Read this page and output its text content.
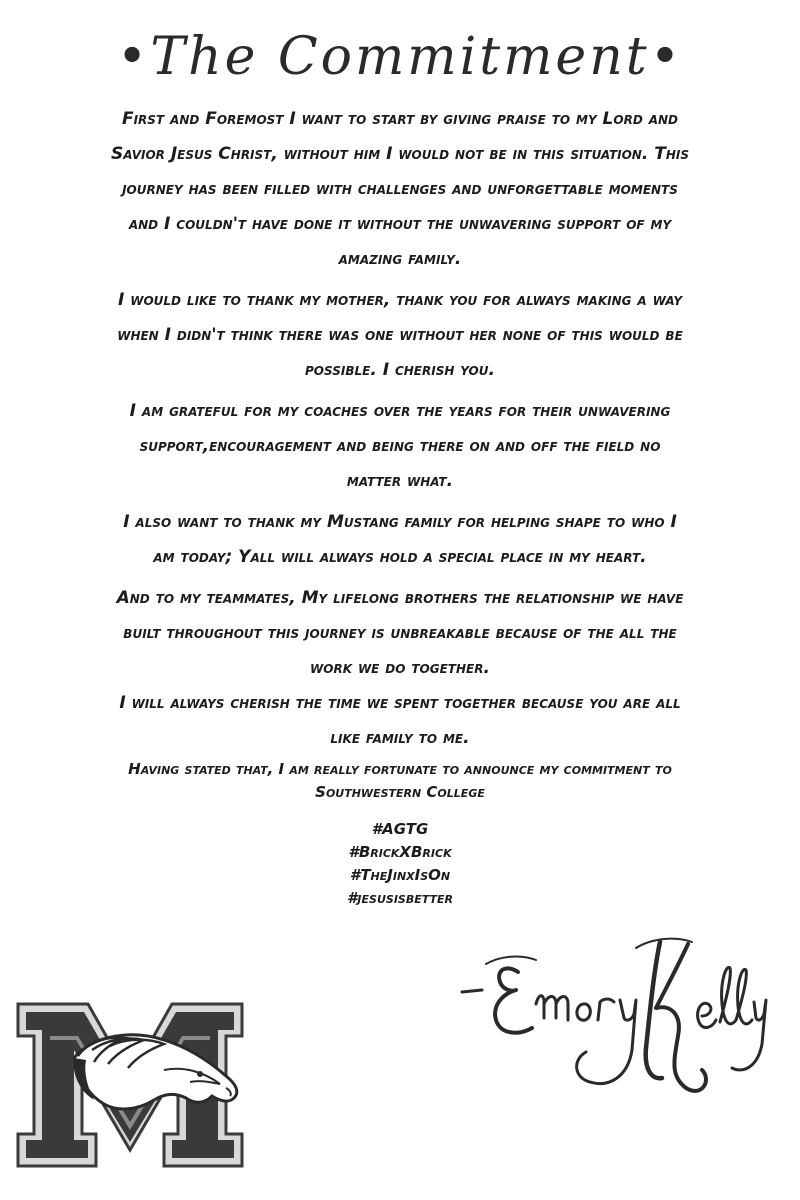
•The Commitment•

First and Foremost I want to start by giving praise to my Lord and Savior Jesus Christ, without him I would not be in this situation. This journey has been filled with challenges and unforgettable moments and I couldn't have done it without the unwavering support of my amazing family.

I would like to thank my mother, thank you for always making a way when I didn't think there was one without her none of this would be possible. I cherish you.

I am grateful for my coaches over the years for their unwavering support,encouragement and being there on and off the field no matter what.

I also want to thank my Mustang family for helping shape to who I am today; Yall will always hold a special place in my heart.

And to my teammates, My lifelong brothers the relationship we have built throughout this journey is unbreakable because of the all the work we do together.

I will always cherish the time we spent together because you are all like family to me.

Having stated that, I am really fortunate to announce my commitment to Southwestern College
#AGTG
#BrickXBrick
#TheJinxIsOn
#jesusisbetter
